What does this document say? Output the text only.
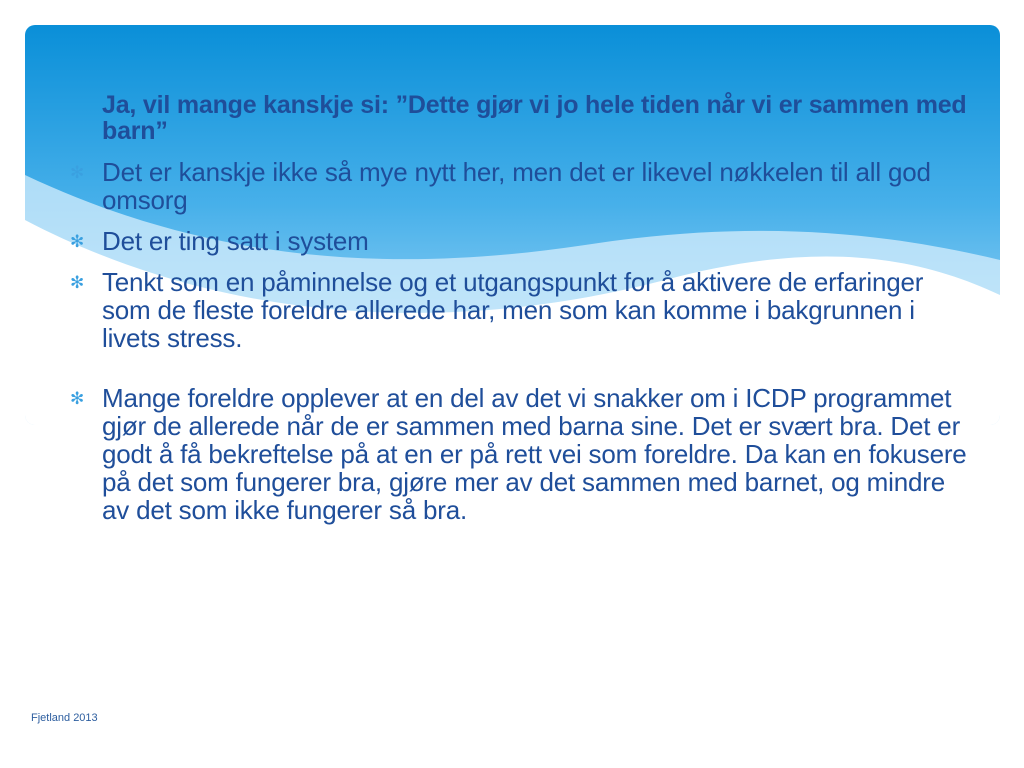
Ja, vil mange kanskje si: ”Dette gjør vi jo hele tiden når vi er sammen med barn”

✻ Det er kanskje ikke så mye nytt her, men det er likevel nøkkelen til all god omsorg
✻ Det er ting satt i system
✻ Tenkt som en påminnelse og et utgangspunkt for å aktivere de erfaringer som de fleste foreldre allerede har, men som kan komme i bakgrunnen i livets stress.
✻ Mange foreldre opplever at en del av det vi snakker om i ICDP programmet gjør de allerede når de er sammen med barna sine. Det er svært bra. Det er godt å få bekreftelse på at en er på rett vei som foreldre. Da kan en fokusere på det som fungerer bra, gjøre mer av det sammen med barnet, og mindre av det som ikke fungerer så bra.
Fjetland 2013
